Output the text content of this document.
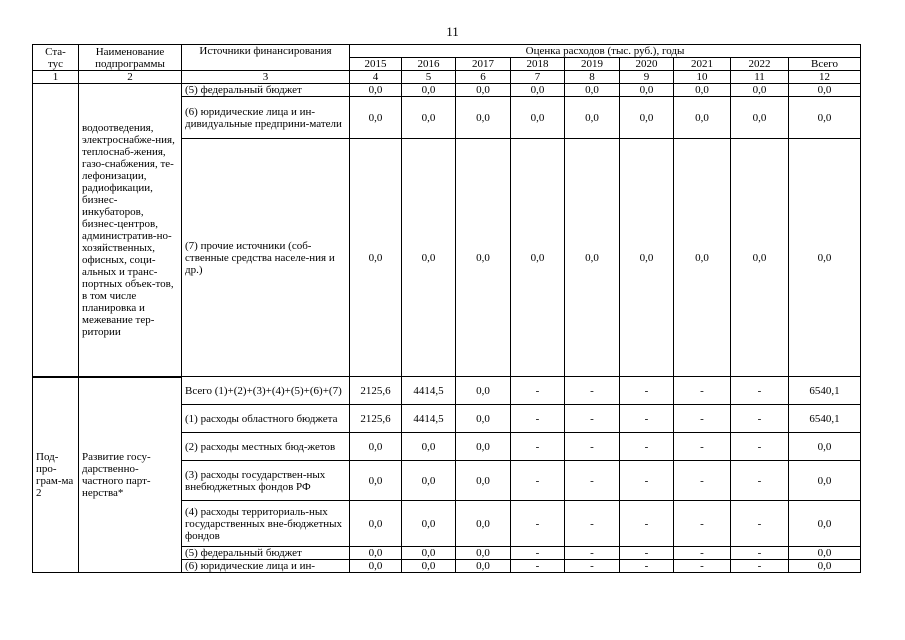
11
Ста-
тус	Наименование подпрограммы	Источники финансирования	Оценка расходов (тыс. руб.), годы								
			2015	2016	2017	2018	2019	2020	2021	2022	Всего
1	2	3	4	5	6	7	8	9	10	11	12
	водоотведения, электроснабже-ния, теплоснаб-жения, газо-снабжения, те-лефонизации, радиофикации, бизнес-инкубаторов, бизнес-центров, административ-но-хозяйственных, офисных, соци-альных и транс-портных объек-тов, в том числе планировка и межевание тер-ритории	(5) федеральный бюджет	0,0	0,0	0,0	0,0	0,0	0,0	0,0	0,0	0,0
		(6) юридические лица и ин-дивидуальные предприни-матели	0,0	0,0	0,0	0,0	0,0	0,0	0,0	0,0	0,0
		(7) прочие источники (соб-ственные средства населе-ния и др.)	0,0	0,0	0,0	0,0	0,0	0,0	0,0	0,0	0,0
Под-про-грам-ма 2	Развитие госу-дарственно-частного парт-нерства*	Всего (1)+(2)+(3)+(4)+(5)+(6)+(7)	2125,6	4414,5	0,0	-	-	-	-	-	6540,1
		(1) расходы областного бюджета	2125,6	4414,5	0,0	-	-	-	-	-	6540,1
		(2) расходы местных бюд-жетов	0,0	0,0	0,0	-	-	-	-	-	0,0
		(3) расходы государствен-ных внебюджетных фондов РФ	0,0	0,0	0,0	-	-	-	-	-	0,0
		(4) расходы территориаль-ных государственных вне-бюджетных фондов	0,0	0,0	0,0	-	-	-	-	-	0,0
		(5) федеральный бюджет	0,0	0,0	0,0	-	-	-	-	-	0,0
		(6) юридические лица и ин-	0,0	0,0	0,0	-	-	-	-	-	0,0
